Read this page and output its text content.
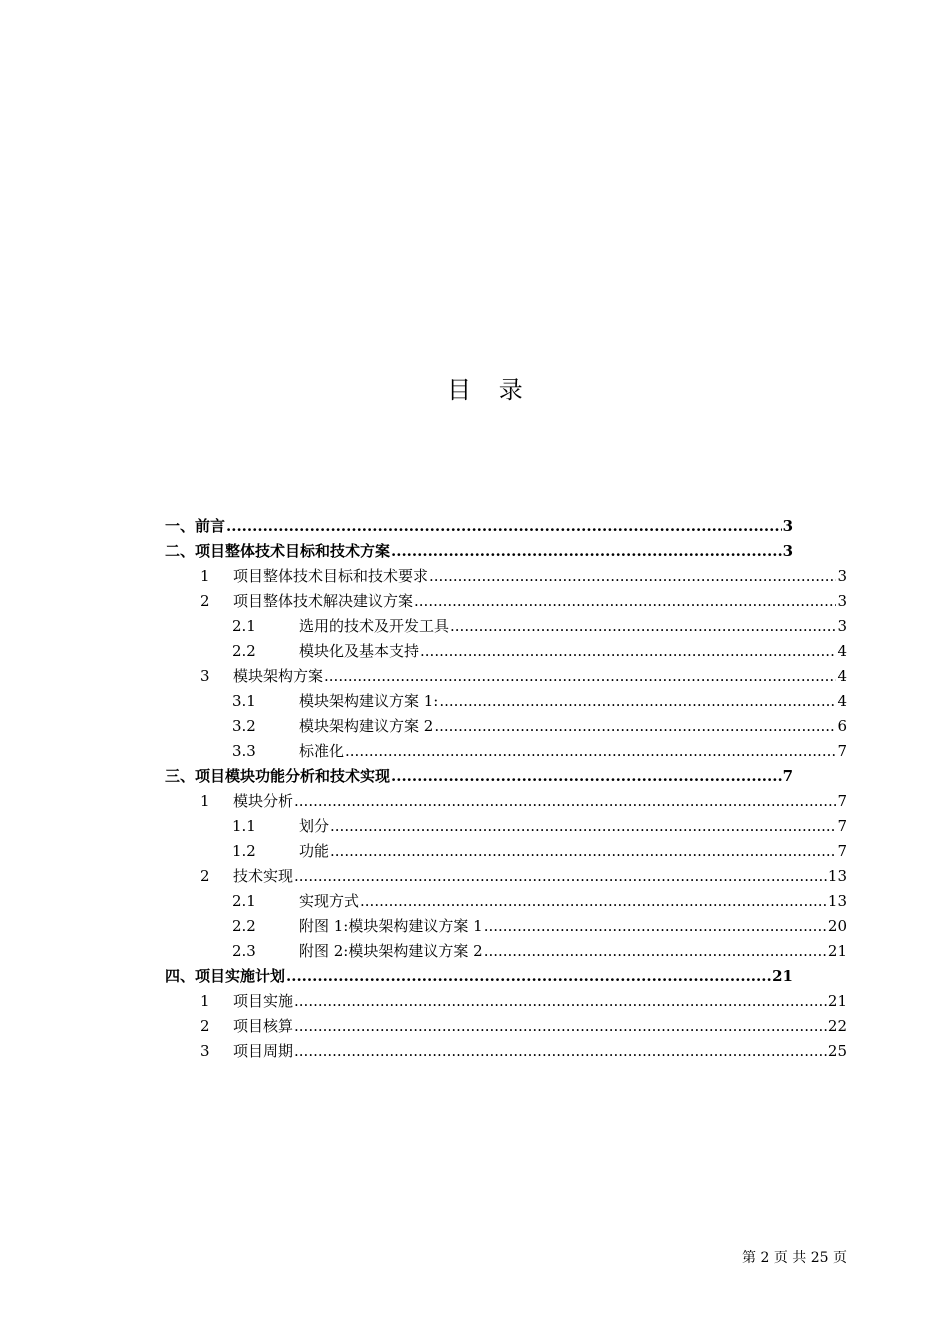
目 录
一、前言 .....	3
二、项目整体技术目标和技术方案 .....	3
1	项目整体技术目标和技术要求 .....	3
2	项目整体技术解决建议方案 .....	3
2.1	选用的技术及开发工具 .....	3
2.2	模块化及基本支持 .....	4
3	模块架构方案 .....	4
3.1	模块架构建议方案 1: .....	4
3.2	模块架构建议方案 2 .....	6
3.3	标准化 .....	7
三、项目模块功能分析和技术实现 .....	7
1	模块分析 .....	7
1.1	划分 .....	7
1.2	功能 .....	7
2	技术实现 .....	13
2.1	实现方式 .....	13
2.2	附图 1:模块架构建议方案 1 .....	20
2.3	附图 2:模块架构建议方案 2 .....	21
四、项目实施计划 .....	21
1	项目实施 .....	21
2	项目核算 .....	22
3	项目周期 .....	25
第 2 页 共 25 页
